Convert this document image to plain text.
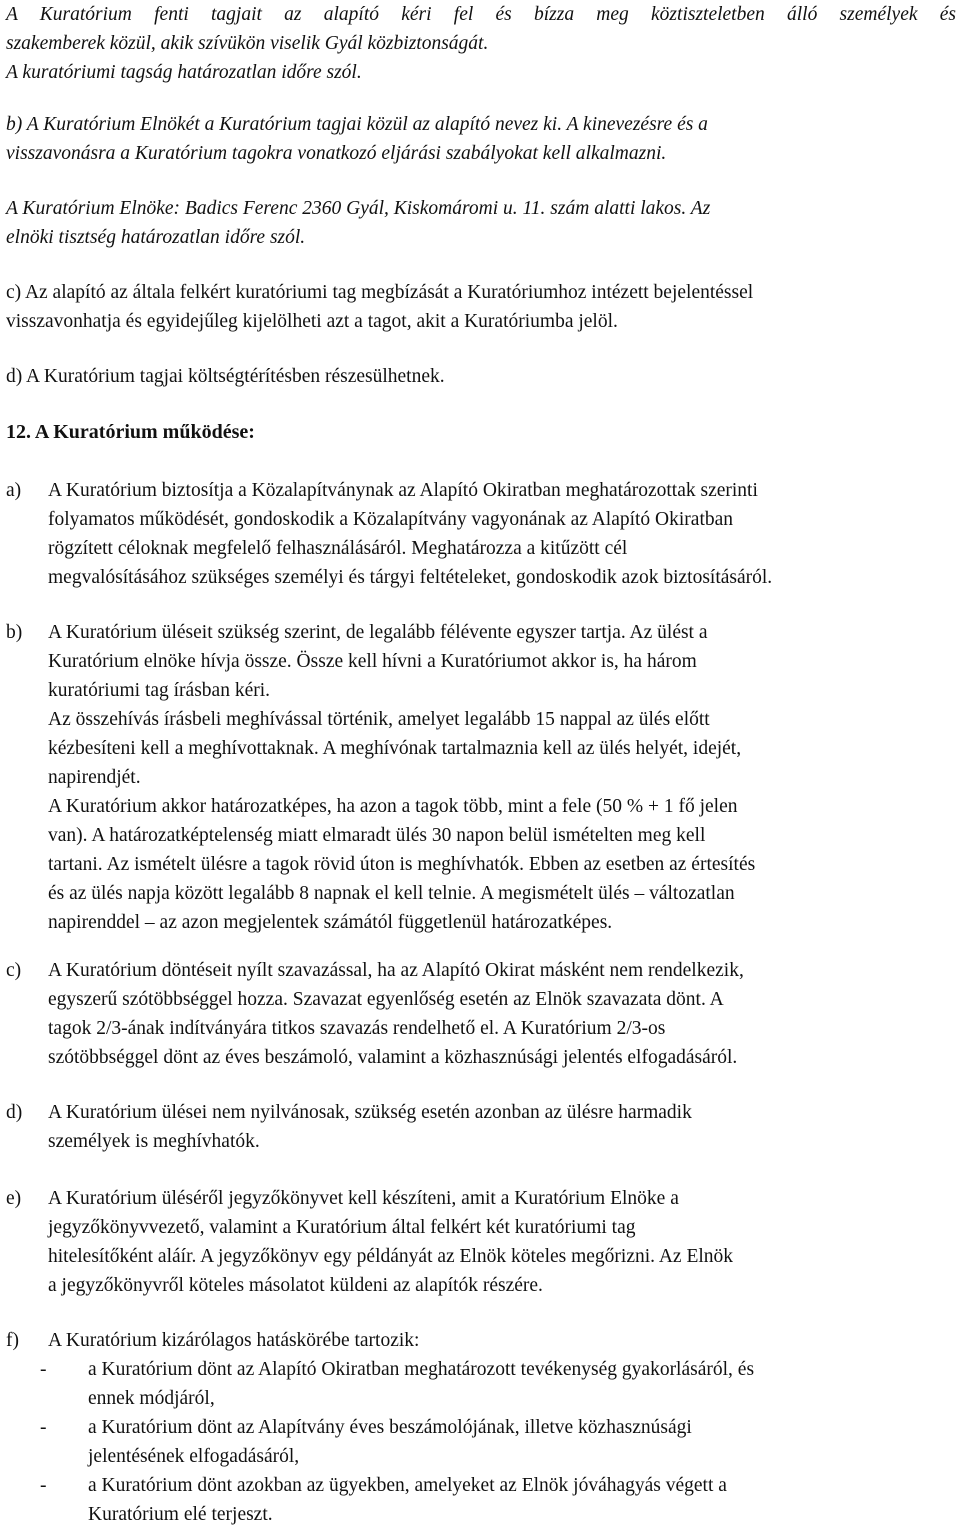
A Kuratórium fenti tagjait az alapító kéri fel és bízza meg köztiszteletben álló személyek és
szakemberek közül, akik szívükön viselik Gyál közbiztonságát.
A kuratóriumi tagság határozatlan időre szól.
b) A Kuratórium Elnökét a Kuratórium tagjai közül az alapító nevez ki. A kinevezésre és a
visszavonásra a Kuratórium tagokra vonatkozó eljárási szabályokat kell alkalmazni.
A Kuratórium Elnöke: Badics Ferenc 2360 Gyál, Kiskomáromi u. 11. szám alatti lakos. Az
elnöki tisztség határozatlan időre szól.
c) Az alapító az általa felkért kuratóriumi tag megbízását a Kuratóriumhoz intézett bejelentéssel
visszavonhatja és egyidejűleg kijelölheti azt a tagot, akit a Kuratóriumba jelöl.
d) A Kuratórium tagjai költségtérítésben részesülhetnek.
12. A Kuratórium működése:
a) A Kuratórium biztosítja a Közalapítványnak az Alapító Okiratban meghatározottak szerinti
folyamatos működését, gondoskodik a Közalapítvány vagyonának az Alapító Okiratban
rögzített céloknak megfelelő felhasználásáról. Meghatározza a kitűzött cél
megvalósításához szükséges személyi és tárgyi feltételeket, gondoskodik azok biztosításáról.
b) A Kuratórium üléseit szükség szerint, de legalább félévente egyszer tartja. Az ülést a
Kuratórium elnöke hívja össze. Össze kell hívni a Kuratóriumot akkor is, ha három
kuratóriumi tag írásban kéri.
Az összehívás írásbeli meghívással történik, amelyet legalább 15 nappal az ülés előtt
kézbesíteni kell a meghívottaknak. A meghívónak tartalmaznia kell az ülés helyét, idejét,
napirendjét.
A Kuratórium akkor határozatképes, ha azon a tagok több, mint a fele (50 % + 1 fő jelen
van). A határozatképtelenség miatt elmaradt ülés 30 napon belül ismételten meg kell
tartani. Az ismételt ülésre a tagok rövid úton is meghívhatók. Ebben az esetben az értesítés
és az ülés napja között legalább 8 napnak el kell telnie. A megismételt ülés – változatlan
napirenddel – az azon megjelentek számától függetlenül határozatképes.
c) A Kuratórium döntéseit nyílt szavazással, ha az Alapító Okirat másként nem rendelkezik,
egyszerű szótöbbséggel hozza. Szavazat egyenlőség esetén az Elnök szavazata dönt. A
tagok 2/3-ának indítványára titkos szavazás rendelhető el. A Kuratórium 2/3-os
szótöbbséggel dönt az éves beszámoló, valamint a közhasznúsági jelentés elfogadásáról.
d) A Kuratórium ülései nem nyilvánosak, szükség esetén azonban az ülésre harmadik
személyek is meghívhatók.
e) A Kuratórium üléséről jegyzőkönyvet kell készíteni, amit a Kuratórium Elnöke a
jegyzőkönyvvezető, valamint a Kuratórium által felkért két kuratóriumi tag
hitelesítőként aláír. A jegyzőkönyv egy példányát az Elnök köteles megőrizni. Az Elnök
a jegyzőkönyvről köteles másolatot küldeni az alapítók részére.
f) A Kuratórium kizárólagos hatáskörébe tartozik:
- a Kuratórium dönt az Alapító Okiratban meghatározott tevékenység gyakorlásáról, és
ennek módjáról,
- a Kuratórium dönt az Alapítvány éves beszámolójának, illetve közhasznúsági
jelentésének elfogadásáról,
- a Kuratórium dönt azokban az ügyekben, amelyeket az Elnök jóváhagyás végett a
Kuratórium elé terjeszt.
